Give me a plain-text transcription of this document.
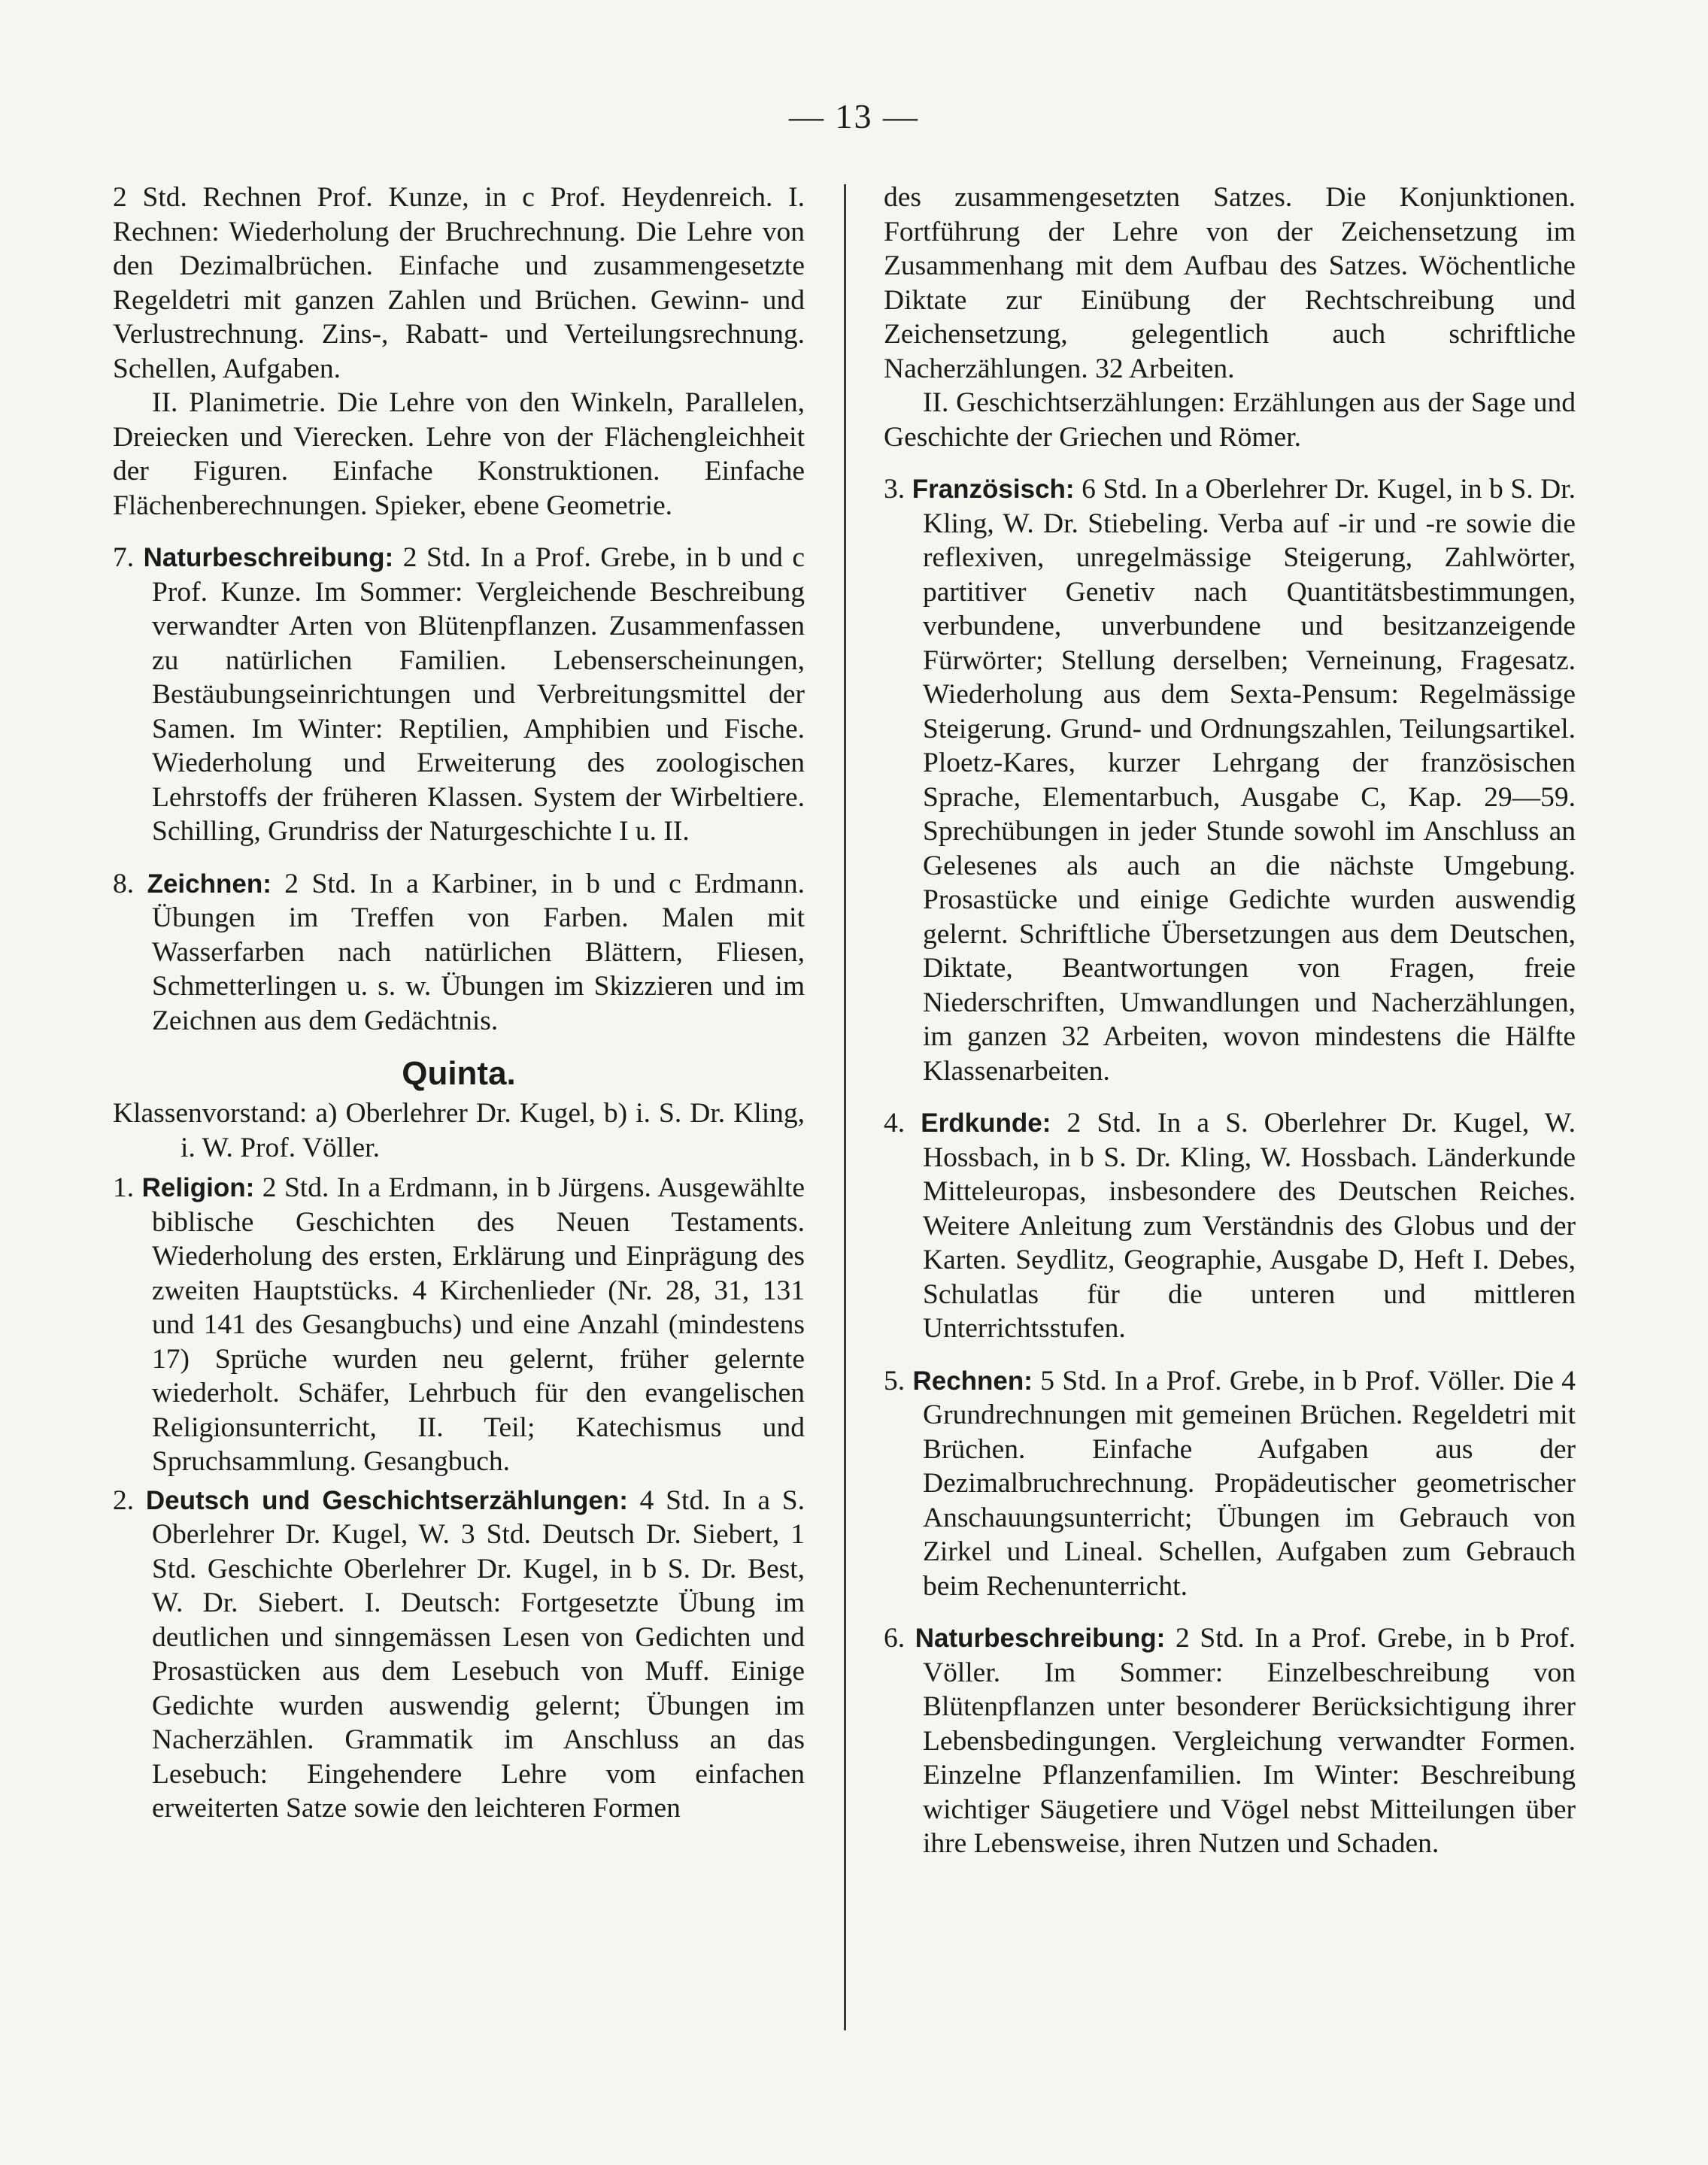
— 13 —

2 Std. Rechnen Prof. Kunze, in c Prof. Heydenreich. I. Rechnen: Wiederholung der Bruchrechnung. Die Lehre von den Dezimalbrüchen. Einfache und zusammengesetzte Regeldetri mit ganzen Zahlen und Brüchen. Gewinn- und Verlustrechnung. Zins-, Rabatt- und Verteilungsrechnung. Schellen, Aufgaben.

II. Planimetrie. Die Lehre von den Winkeln, Parallelen, Dreiecken und Vierecken. Lehre von der Flächengleichheit der Figuren. Einfache Konstruktionen. Einfache Flächenberechnungen. Spieker, ebene Geometrie.

7. Naturbeschreibung: 2 Std. In a Prof. Grebe, in b und c Prof. Kunze. Im Sommer: Vergleichende Beschreibung verwandter Arten von Blütenpflanzen. Zusammenfassen zu natürlichen Familien. Lebenserscheinungen, Bestäubungseinrichtungen und Verbreitungsmittel der Samen. Im Winter: Reptilien, Amphibien und Fische. Wiederholung und Erweiterung des zoologischen Lehrstoffs der früheren Klassen. System der Wirbeltiere. Schilling, Grundriss der Naturgeschichte I u. II.

8. Zeichnen: 2 Std. In a Karbiner, in b und c Erdmann. Übungen im Treffen von Farben. Malen mit Wasserfarben nach natürlichen Blättern, Fliesen, Schmetterlingen u. s. w. Übungen im Skizzieren und im Zeichnen aus dem Gedächtnis.

Quinta.

Klassenvorstand: a) Oberlehrer Dr. Kugel, b) i. S. Dr. Kling, i. W. Prof. Völler.

1. Religion: 2 Std. In a Erdmann, in b Jürgens. Ausgewählte biblische Geschichten des Neuen Testaments. Wiederholung des ersten, Erklärung und Einprägung des zweiten Hauptstücks. 4 Kirchenlieder (Nr. 28, 31, 131 und 141 des Gesangbuchs) und eine Anzahl (mindestens 17) Sprüche wurden neu gelernt, früher gelernte wiederholt. Schäfer, Lehrbuch für den evangelischen Religionsunterricht, II. Teil; Katechismus und Spruchsammlung. Gesangbuch.

2. Deutsch und Geschichtserzählungen: 4 Std. In a S. Oberlehrer Dr. Kugel, W. 3 Std. Deutsch Dr. Siebert, 1 Std. Geschichte Oberlehrer Dr. Kugel, in b S. Dr. Best, W. Dr. Siebert. I. Deutsch: Fortgesetzte Übung im deutlichen und sinngemässen Lesen von Gedichten und Prosastücken aus dem Lesebuch von Muff. Einige Gedichte wurden auswendig gelernt; Übungen im Nacherzählen. Grammatik im Anschluss an das Lesebuch: Eingehendere Lehre vom einfachen erweiterten Satze sowie den leichteren Formen

des zusammengesetzten Satzes. Die Konjunktionen. Fortführung der Lehre von der Zeichensetzung im Zusammenhang mit dem Aufbau des Satzes. Wöchentliche Diktate zur Einübung der Rechtschreibung und Zeichensetzung, gelegentlich auch schriftliche Nacherzählungen. 32 Arbeiten.

II. Geschichtserzählungen: Erzählungen aus der Sage und Geschichte der Griechen und Römer.

3. Französisch: 6 Std. In a Oberlehrer Dr. Kugel, in b S. Dr. Kling, W. Dr. Stiebeling. Verba auf -ir und -re sowie die reflexiven, unregelmässige Steigerung, Zahlwörter, partitiver Genetiv nach Quantitätsbestimmungen, verbundene, unverbundene und besitzanzeigende Fürwörter; Stellung derselben; Verneinung, Fragesatz. Wiederholung aus dem Sexta-Pensum: Regelmässige Steigerung. Grund- und Ordnungszahlen, Teilungsartikel. Ploetz-Kares, kurzer Lehrgang der französischen Sprache, Elementarbuch, Ausgabe C, Kap. 29—59. Sprechübungen in jeder Stunde sowohl im Anschluss an Gelesenes als auch an die nächste Umgebung. Prosastücke und einige Gedichte wurden auswendig gelernt. Schriftliche Übersetzungen aus dem Deutschen, Diktate, Beantwortungen von Fragen, freie Niederschriften, Umwandlungen und Nacherzählungen, im ganzen 32 Arbeiten, wovon mindestens die Hälfte Klassenarbeiten.

4. Erdkunde: 2 Std. In a S. Oberlehrer Dr. Kugel, W. Hossbach, in b S. Dr. Kling, W. Hossbach. Länderkunde Mitteleuropas, insbesondere des Deutschen Reiches. Weitere Anleitung zum Verständnis des Globus und der Karten. Seydlitz, Geographie, Ausgabe D, Heft I. Debes, Schulatlas für die unteren und mittleren Unterrichtsstufen.

5. Rechnen: 5 Std. In a Prof. Grebe, in b Prof. Völler. Die 4 Grundrechnungen mit gemeinen Brüchen. Regeldetri mit Brüchen. Einfache Aufgaben aus der Dezimalbruchrechnung. Propädeutischer geometrischer Anschauungsunterricht; Übungen im Gebrauch von Zirkel und Lineal. Schellen, Aufgaben zum Gebrauch beim Rechenunterricht.

6. Naturbeschreibung: 2 Std. In a Prof. Grebe, in b Prof. Völler. Im Sommer: Einzelbeschreibung von Blütenpflanzen unter besonderer Berücksichtigung ihrer Lebensbedingungen. Vergleichung verwandter Formen. Einzelne Pflanzenfamilien. Im Winter: Beschreibung wichtiger Säugetiere und Vögel nebst Mitteilungen über ihre Lebensweise, ihren Nutzen und Schaden.
